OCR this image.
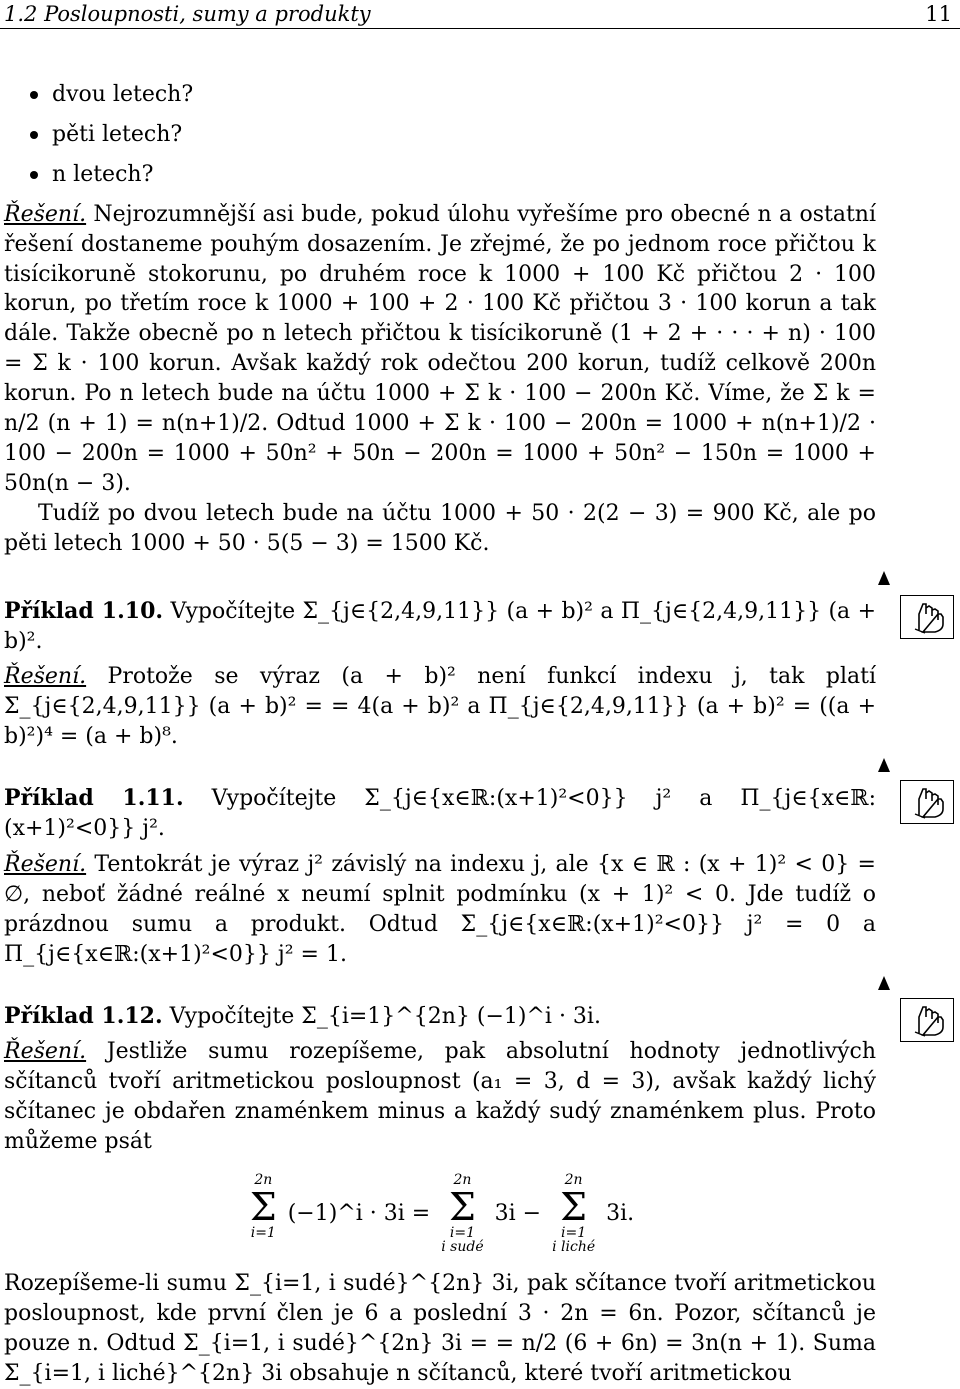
1.2 Posloupnosti, sumy a produkty	11
dvou letech?
pěti letech?
n letech?

Řešení. Nejrozumnější asi bude, pokud úlohu vyřešíme pro obecné n a ostatní řešení dostaneme pouhým dosazením. Je zřejmé, že po jednom roce přičtou k tisícikoruně stokorunu, po druhém roce k 1000 + 100 Kč přičtou 2 · 100 korun, po třetím roce k 1000 + 100 + 2 · 100 Kč přičtou 3 · 100 korun a tak dále. Takže obecně po n letech přičtou k tisícikoruně (1 + 2 + · · · + n) · 100 = Σ k · 100 korun. Avšak každý rok odečtou 200 korun, tudíž celkově 200n korun. Po n letech bude na účtu 1000 + Σ k · 100 − 200n Kč. Víme, že Σ k = n/2 (n + 1) = n(n+1)/2. Odtud 1000 + Σ k · 100 − 200n = 1000 + n(n+1)/2 · 100 − 200n = 1000 + 50n² + 50n − 200n = 1000 + 50n² − 150n = 1000 + 50n(n − 3).

Tudíž po dvou letech bude na účtu 1000 + 50 · 2(2 − 3) = 900 Kč, ale po pěti letech 1000 + 50 · 5(5 − 3) = 1500 Kč.

Příklad 1.10. Vypočítejte Σ_{j∈{2,4,9,11}} (a + b)² a Π_{j∈{2,4,9,11}} (a + b)².

Řešení. Protože se výraz (a + b)² není funkcí indexu j, tak platí Σ_{j∈{2,4,9,11}} (a + b)² = = 4(a + b)² a Π_{j∈{2,4,9,11}} (a + b)² = ((a + b)²)⁴ = (a + b)⁸.

Příklad 1.11. Vypočítejte Σ_{j∈{x∈ℝ:(x+1)²<0}} j² a Π_{j∈{x∈ℝ:(x+1)²<0}} j².

Řešení. Tentokrát je výraz j² závislý na indexu j, ale {x ∈ ℝ : (x + 1)² < 0} = ∅, neboť žádné reálné x neumí splnit podmínku (x + 1)² < 0. Jde tudíž o prázdnou sumu a produkt. Odtud Σ_{j∈{x∈ℝ:(x+1)²<0}} j² = 0 a Π_{j∈{x∈ℝ:(x+1)²<0}} j² = 1.

Příklad 1.12. Vypočítejte Σ_{i=1}^{2n} (−1)^i · 3i.

Řešení. Jestliže sumu rozepíšeme, pak absolutní hodnoty jednotlivých sčítanců tvoří aritmetickou posloupnost (a₁ = 3, d = 3), avšak každý lichý sčítanec je obdařen znaménkem minus a každý sudý znaménkem plus. Proto můžeme psát

2n
Σ
i=1

(−1)^i · 3i =
2n
Σ
i=1
i sudé
3i −
2n
Σ
i=1
i liché
3i.

Rozepíšeme-li sumu Σ_{i=1, i sudé}^{2n} 3i, pak sčítance tvoří aritmetickou posloupnost, kde první člen je 6 a poslední 3 · 2n = 6n. Pozor, sčítanců je pouze n. Odtud Σ_{i=1, i sudé}^{2n} 3i = = n/2 (6 + 6n) = 3n(n + 1). Suma Σ_{i=1, i liché}^{2n} 3i obsahuje n sčítanců, které tvoří aritmetickou
